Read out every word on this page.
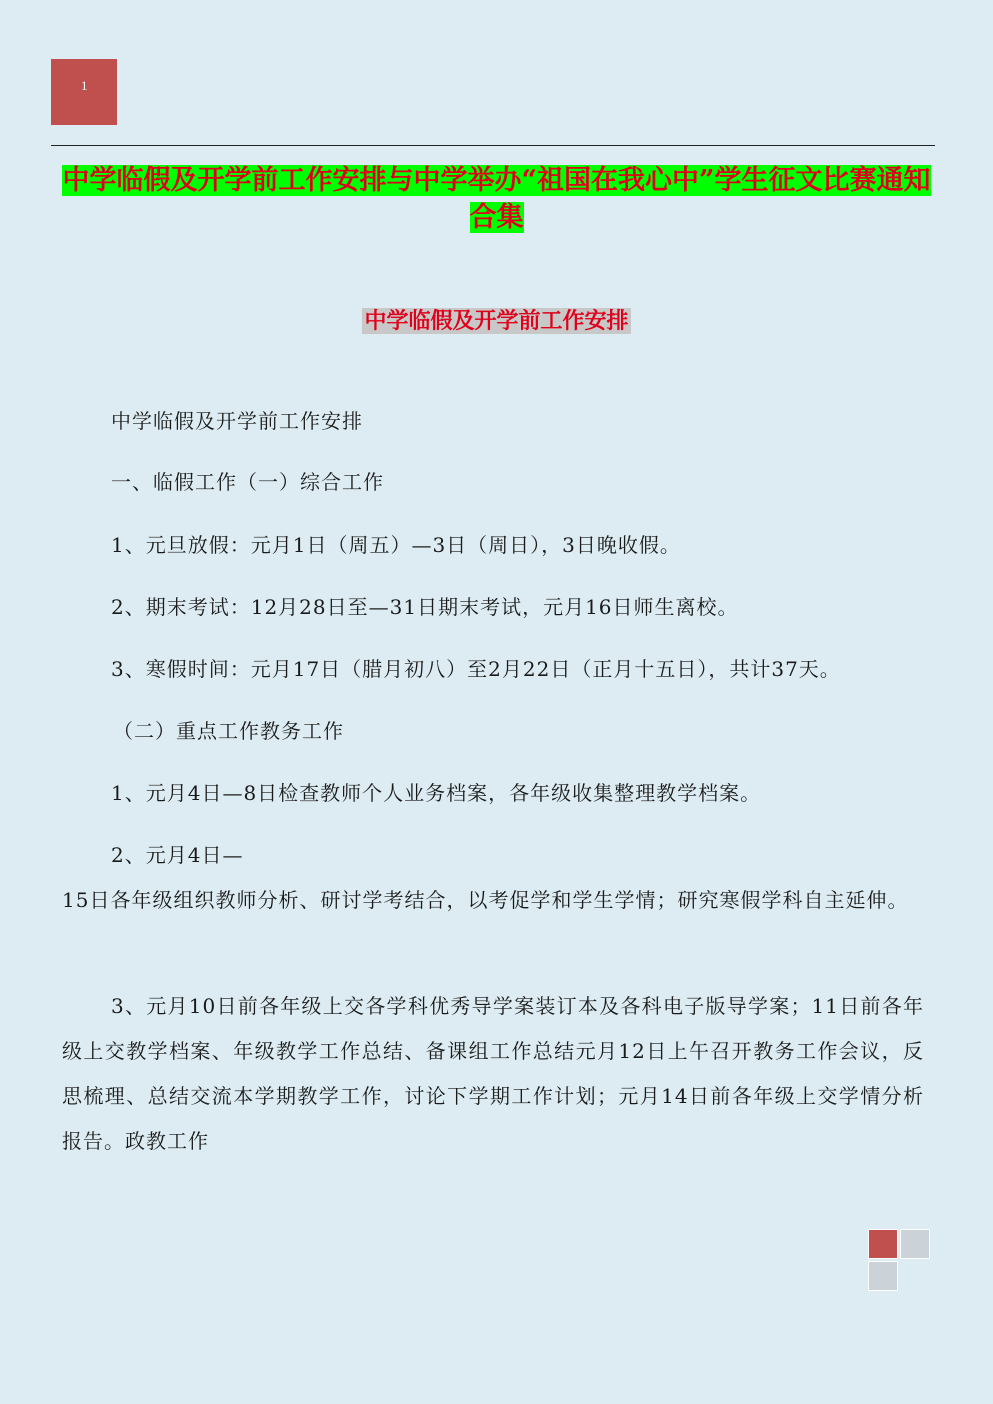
1
中学临假及开学前工作安排与中学举办“祖国在我心中”学生征文比赛通知合集
中学临假及开学前工作安排
中学临假及开学前工作安排
一、临假工作（一）综合工作
1、元旦放假：元月1日（周五）—3日（周日），3日晚收假。
2、期末考试：12月28日至—31日期末考试，元月16日师生离校。
3、寒假时间：元月17日（腊月初八）至2月22日（正月十五日），共计37天。
（二）重点工作教务工作
1、元月4日—8日检查教师个人业务档案，各年级收集整理教学档案。
2、元月4日—
15日各年级组织教师分析、研讨学考结合，以考促学和学生学情；研究寒假学科自主延伸。
3、元月10日前各年级上交各学科优秀导学案装订本及各科电子版导学案；11日前各年级上交教学档案、年级教学工作总结、备课组工作总结元月12日上午召开教务工作会议，反思梳理、总结交流本学期教学工作，讨论下学期工作计划；元月14日前各年级上交学情分析报告。政教工作
